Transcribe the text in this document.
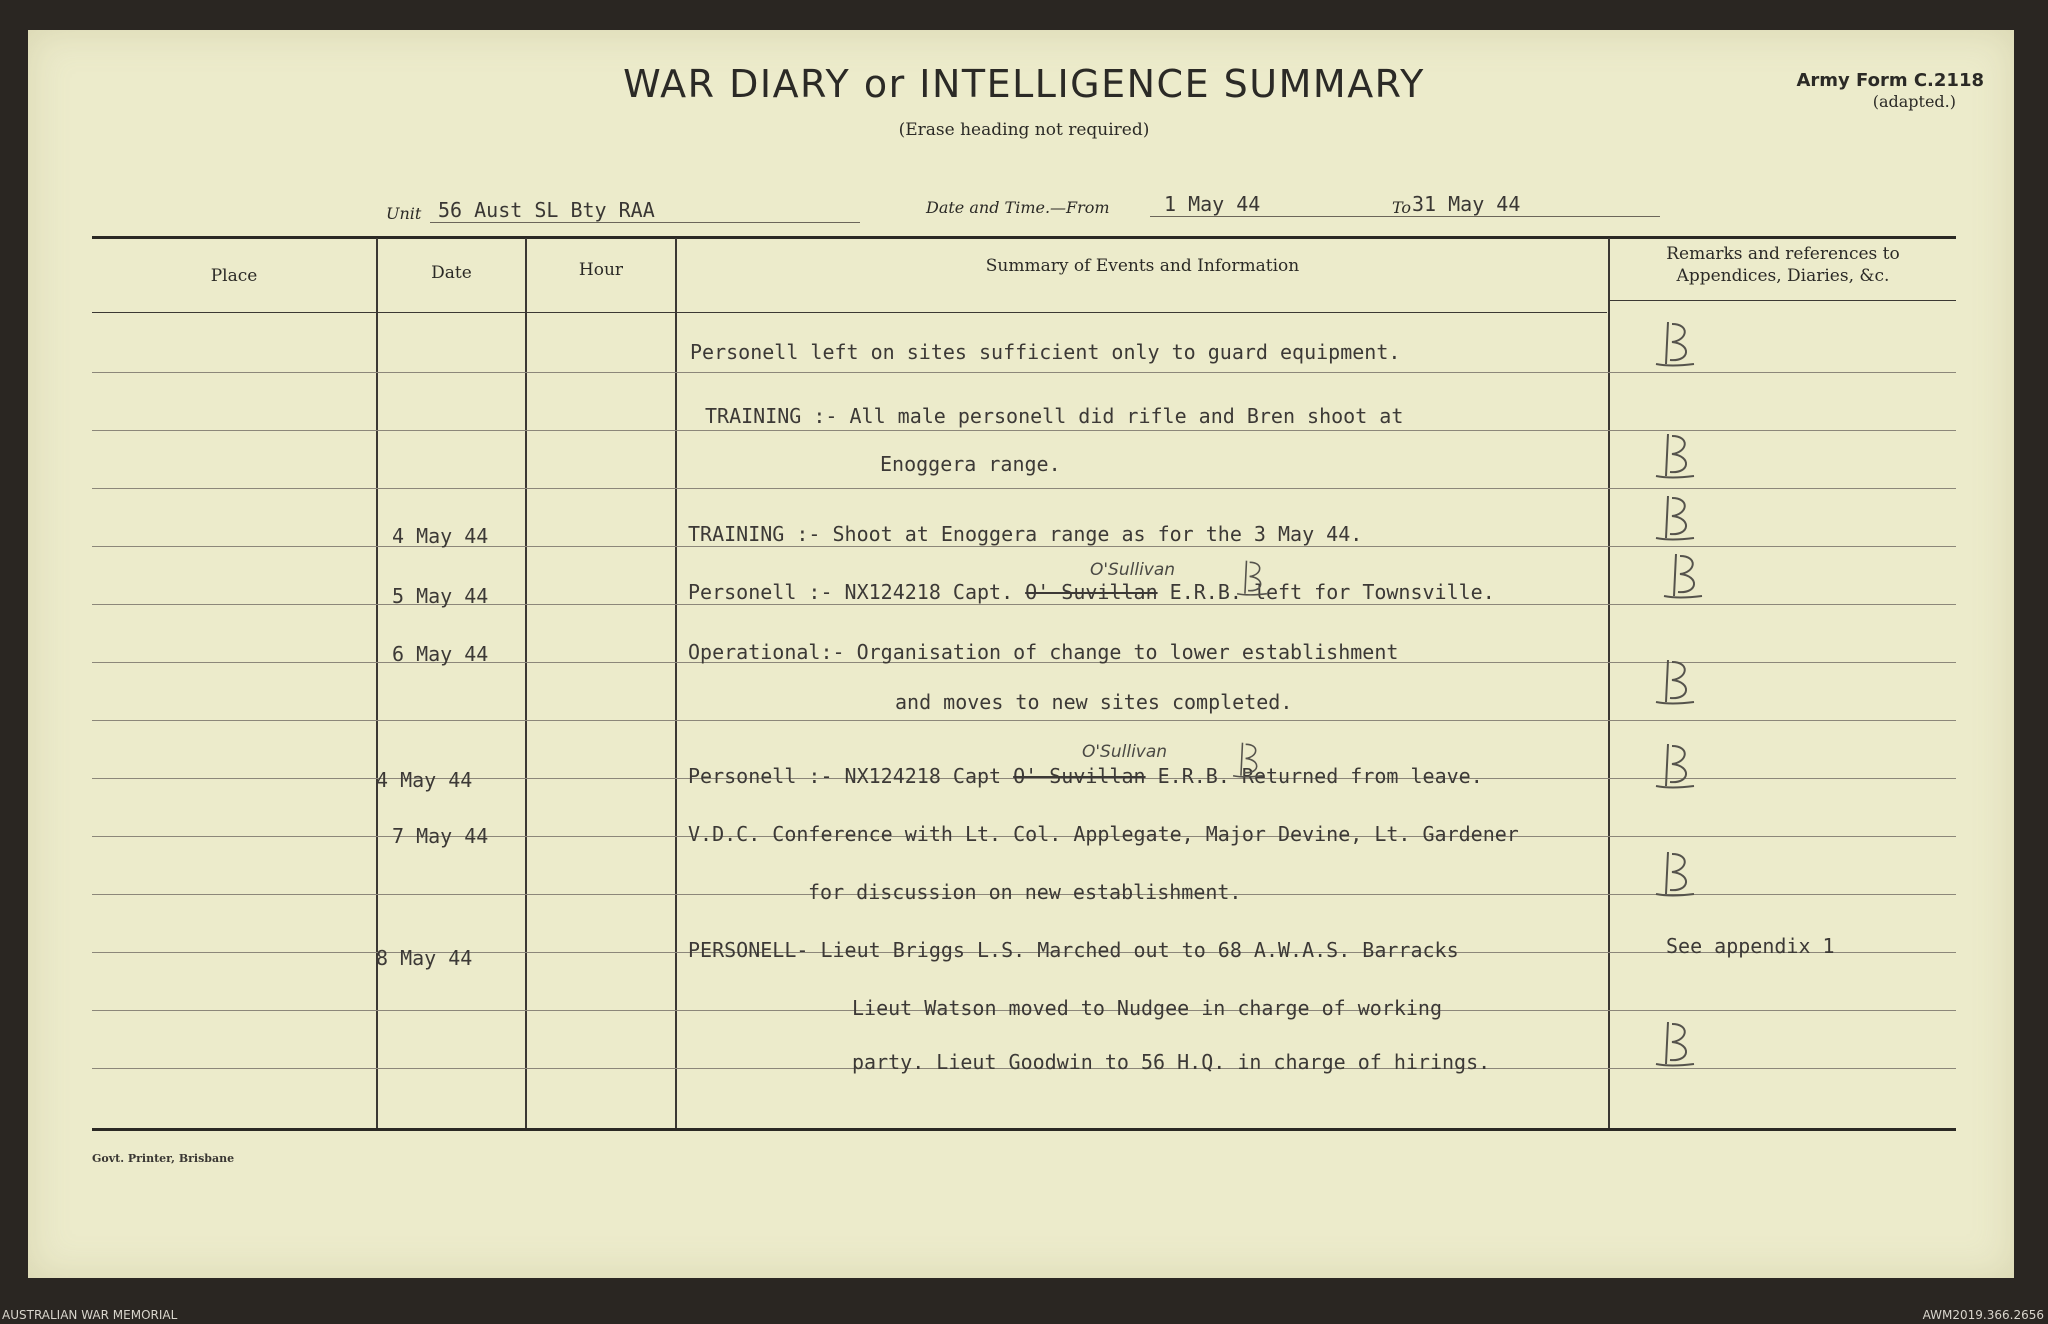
WAR DIARY or INTELLIGENCE SUMMARY
(Erase heading not required)
Army Form C.2118
(adapted.)
Unit 56 Aust SL Bty RAA	Date and Time.—From	1 May 44	To 31 May 44
Place	Date	Hour	Summary of Events and Information
Remarks and references to
Appendices, Diaries, &c.
Personell left on sites sufficient only to guard equipment.
TRAINING :- All male personell did rifle and Bren shoot at
Enoggera range.
4 May 44	TRAINING :- Shoot at Enoggera range as for the 3 May 44.
5 May 44	Personell :- NX124218 Capt. O' Suvillan E.R.B. left for Townsville.
O'Sullivan
6 May 44	Operational:- Organisation of change to lower establishment
and moves to new sites completed.
4 May 44	Personell :- NX124218 Capt O' Suvillan E.R.B. Returned from leave.
O'Sullivan
7 May 44	V.D.C. Conference with Lt. Col. Applegate, Major Devine, Lt. Gardener
for discussion on new establishment.
8 May 44	PERSONELL- Lieut Briggs L.S. Marched out to 68 A.W.A.S. Barracks	See appendix 1
Lieut Watson moved to Nudgee in charge of working
party. Lieut Goodwin to 56 H.Q. in charge of hirings.
Govt. Printer, Brisbane
AUSTRALIAN WAR MEMORIAL	AWM2019.366.2656
